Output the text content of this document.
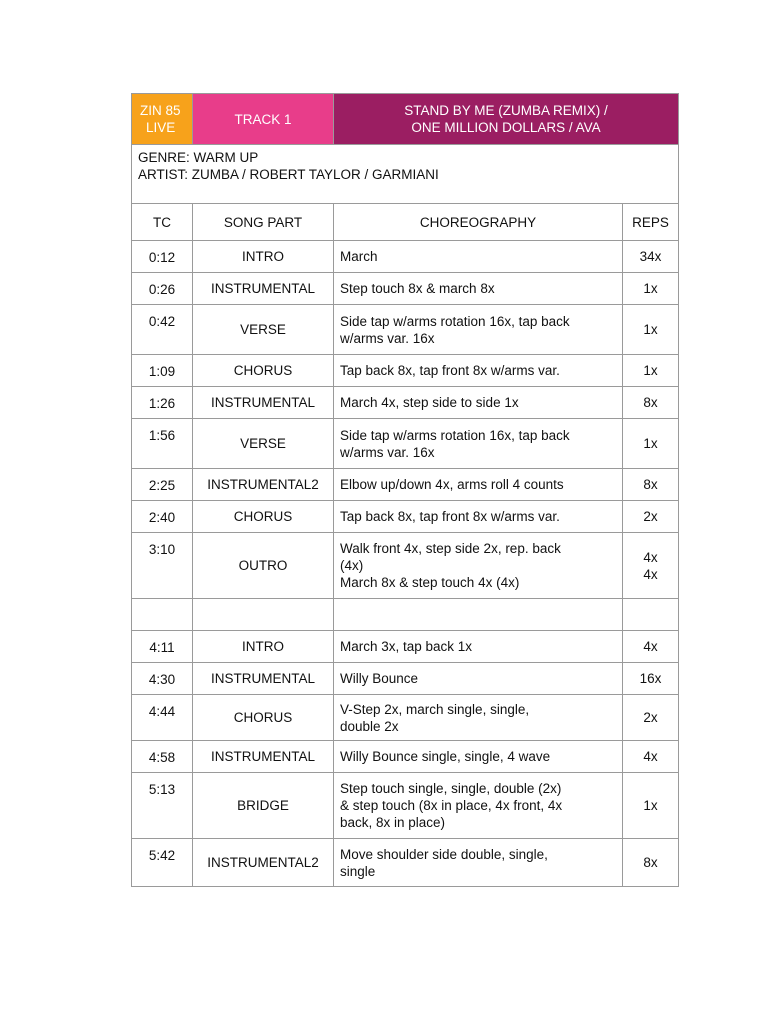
ZIN 85
LIVE	TRACK 1	STAND BY ME (ZUMBA REMIX) /
ONE MILLION DOLLARS / AVA	

GENRE: WARM UP
ARTIST: ZUMBA / ROBERT TAYLOR / GARMIANI			

TC	SONG PART	CHOREOGRAPHY	REPS
0:12	INTRO	March	34x

0:26	INSTRUMENTAL	Step touch 8x & march 8x	1x

0:42	VERSE	Side tap w/arms rotation 16x, tap back
w/arms var. 16x	1x

1:09	CHORUS	Tap back 8x, tap front 8x w/arms var.	1x

1:26	INSTRUMENTAL	March 4x, step side to side 1x	8x

1:56	VERSE	Side tap w/arms rotation 16x, tap back
w/arms var. 16x	1x

2:25	INSTRUMENTAL2	Elbow up/down 4x, arms roll 4 counts	8x

2:40	CHORUS	Tap back 8x, tap front 8x w/arms var.	2x

3:10	OUTRO	Walk front 4x, step side 2x, rep. back
(4x)
March 8x & step touch 4x (4x)	4x
4x

4:11	INTRO	March 3x, tap back 1x	4x

4:30	INSTRUMENTAL	Willy Bounce	16x

4:44	CHORUS	V-Step 2x, march single, single,
double 2x	2x

4:58	INSTRUMENTAL	Willy Bounce single, single, 4 wave	4x

5:13	BRIDGE	Step touch single, single, double (2x)
& step touch (8x in place, 4x front, 4x
back, 8x in place)	1x

5:42	INSTRUMENTAL2	Move shoulder side double, single,
single	8x
